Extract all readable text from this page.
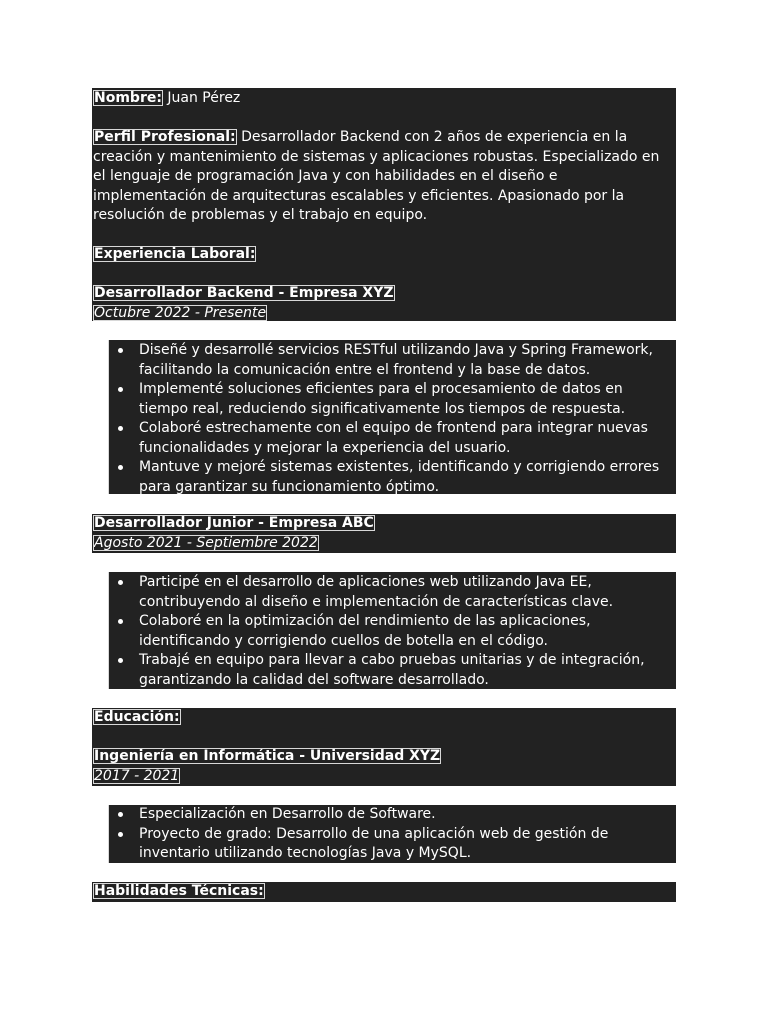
Nombre: Juan Pérez

Perfil Profesional: Desarrollador Backend con 2 años de experiencia en la creación y mantenimiento de sistemas y aplicaciones robustas. Especializado en el lenguaje de programación Java y con habilidades en el diseño e implementación de arquitecturas escalables y eficientes. Apasionado por la resolución de problemas y el trabajo en equipo.

Experiencia Laboral:

Desarrollador Backend - Empresa XYZ

Octubre 2022 - Presente

Diseñé y desarrollé servicios RESTful utilizando Java y Spring Framework, facilitando la comunicación entre el frontend y la base de datos.
Implementé soluciones eficientes para el procesamiento de datos en tiempo real, reduciendo significativamente los tiempos de respuesta.
Colaboré estrechamente con el equipo de frontend para integrar nuevas funcionalidades y mejorar la experiencia del usuario.
Mantuve y mejoré sistemas existentes, identificando y corrigiendo errores para garantizar su funcionamiento óptimo.

Desarrollador Junior - Empresa ABC

Agosto 2021 - Septiembre 2022

Participé en el desarrollo de aplicaciones web utilizando Java EE, contribuyendo al diseño e implementación de características clave.
Colaboré en la optimización del rendimiento de las aplicaciones, identificando y corrigiendo cuellos de botella en el código.
Trabajé en equipo para llevar a cabo pruebas unitarias y de integración, garantizando la calidad del software desarrollado.

Educación:

Ingeniería en Informática - Universidad XYZ

2017 - 2021

Especialización en Desarrollo de Software.
Proyecto de grado: Desarrollo de una aplicación web de gestión de inventario utilizando tecnologías Java y MySQL.

Habilidades Técnicas:
